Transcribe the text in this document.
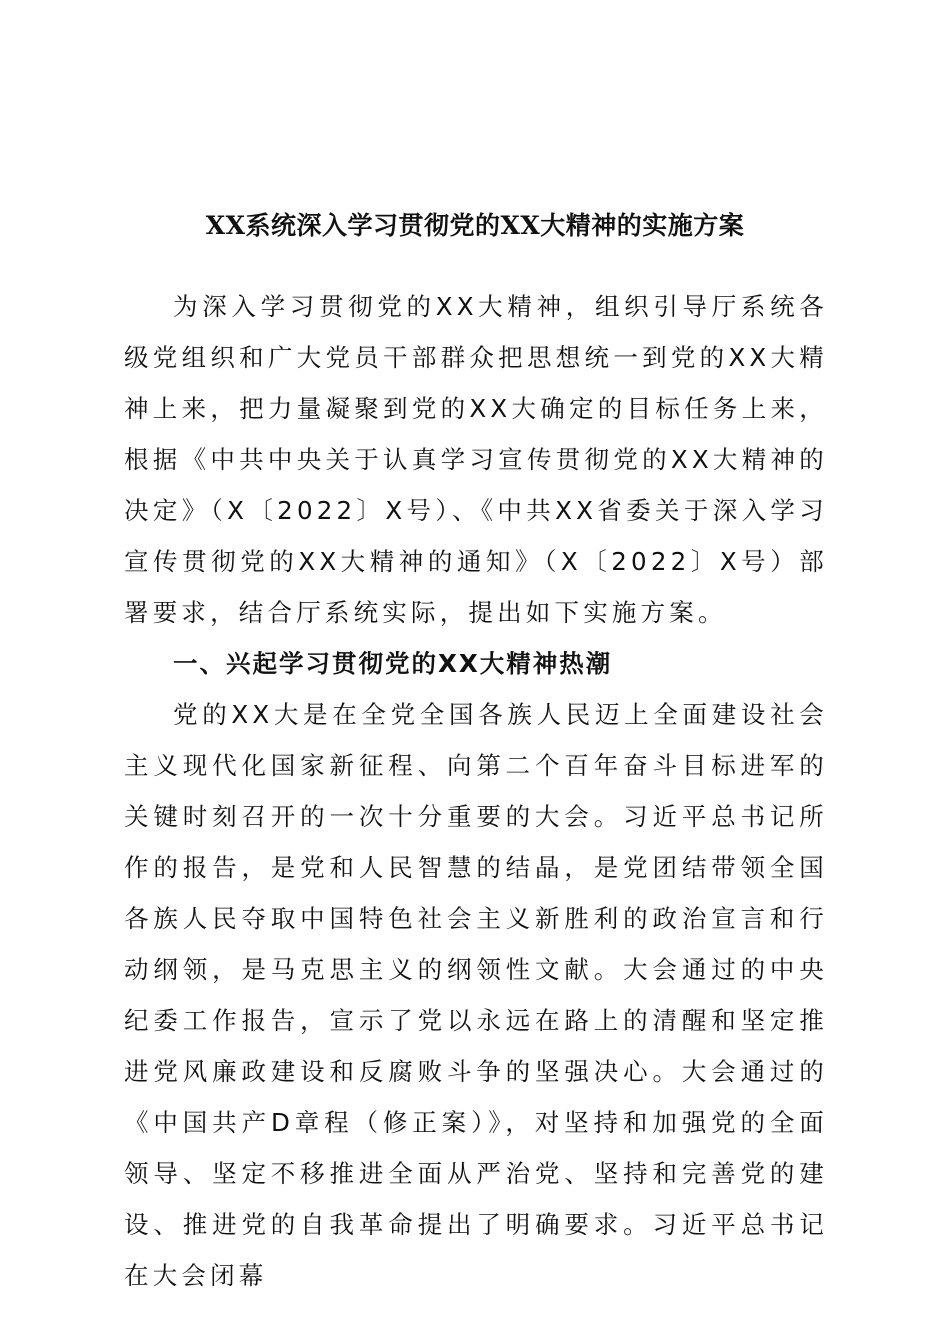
XX系统深入学习贯彻党的XX大精神的实施方案

为深入学习贯彻党的XX大精神，组织引导厅系统各级党组织和广大党员干部群众把思想统一到党的XX大精神上来，把力量凝聚到党的XX大确定的目标任务上来，根据《中共中央关于认真学习宣传贯彻党的XX大精神的决定》（X〔2022〕X号）、《中共XX省委关于深入学习宣传贯彻党的XX大精神的通知》（X〔2022〕X号）部署要求，结合厅系统实际，提出如下实施方案。

一、兴起学习贯彻党的XX大精神热潮

党的XX大是在全党全国各族人民迈上全面建设社会主义现代化国家新征程、向第二个百年奋斗目标进军的关键时刻召开的一次十分重要的大会。习近平总书记所作的报告，是党和人民智慧的结晶，是党团结带领全国各族人民夺取中国特色社会主义新胜利的政治宣言和行动纲领，是马克思主义的纲领性文献。大会通过的中央纪委工作报告，宣示了党以永远在路上的清醒和坚定推进党风廉政建设和反腐败斗争的坚强决心。大会通过的《中国共产D章程（修正案）》，对坚持和加强党的全面领导、坚定不移推进全面从严治党、坚持和完善党的建设、推进党的自我革命提出了明确要求。习近平总书记在大会闭幕
